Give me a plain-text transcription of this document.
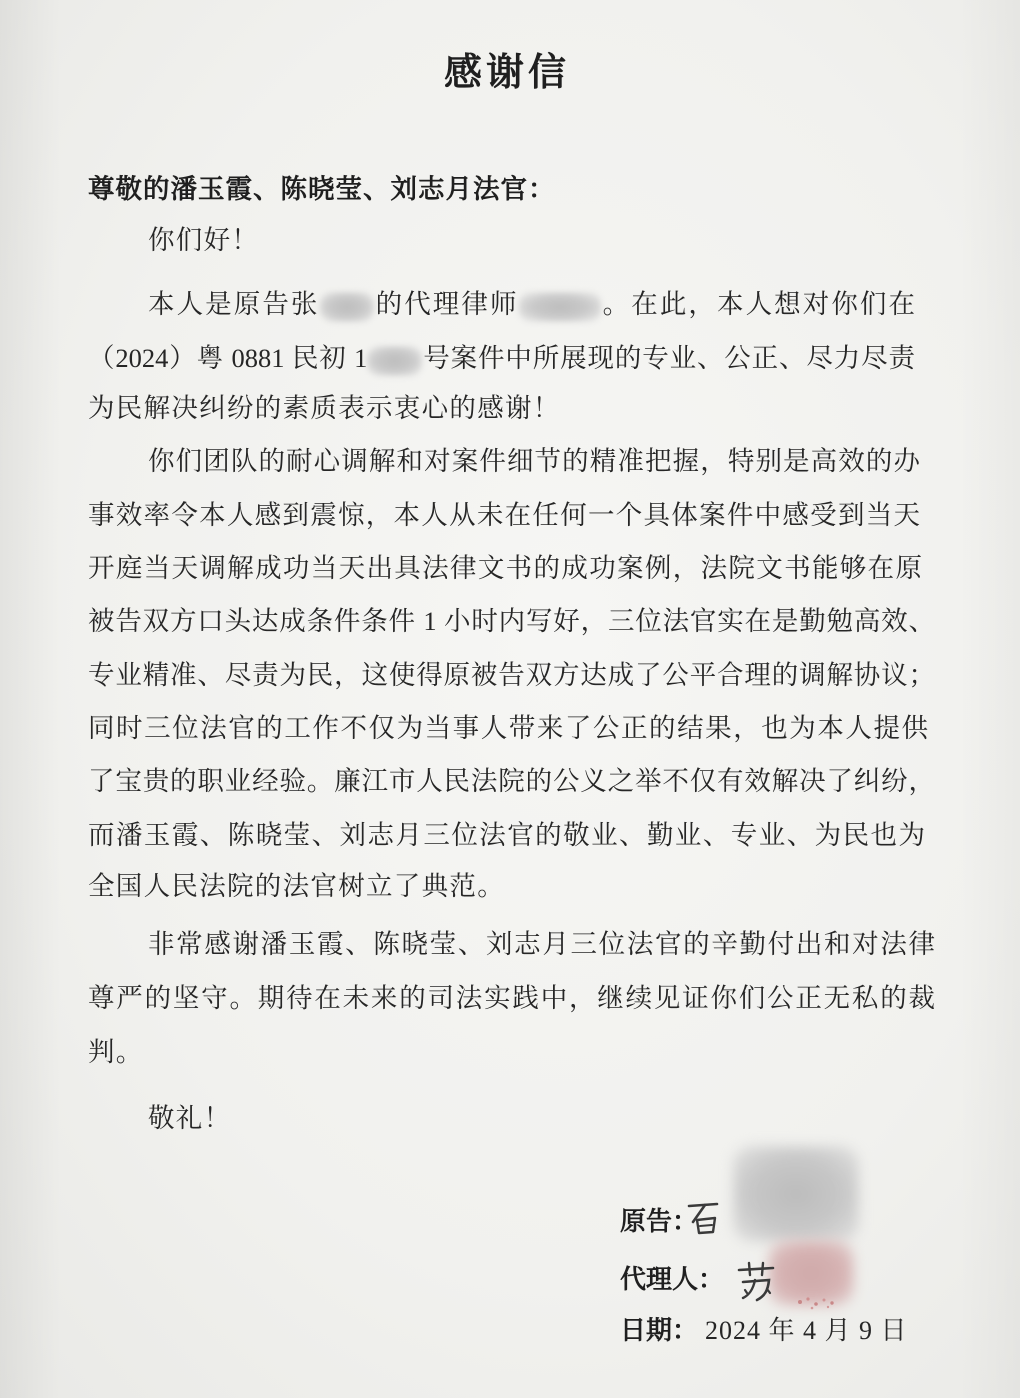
感谢信
尊敬的潘玉霞、陈晓莹、刘志月法官：
你们好！
本人是原告张 的代理律师	。在此，本人想对你们在
（2024）粤 0881 民初 1 号案件中所展现的专业、公正、尽力尽责
为民解决纠纷的素质表示衷心的感谢！
你们团队的耐心调解和对案件细节的精准把握，特别是高效的办
事效率令本人感到震惊，本人从未在任何一个具体案件中感受到当天
开庭当天调解成功当天出具法律文书的成功案例，法院文书能够在原
被告双方口头达成条件条件 1 小时内写好，三位法官实在是勤勉高效、
专业精准、尽责为民，这使得原被告双方达成了公平合理的调解协议；
同时三位法官的工作不仅为当事人带来了公正的结果，也为本人提供
了宝贵的职业经验。廉江市人民法院的公义之举不仅有效解决了纠纷，
而潘玉霞、陈晓莹、刘志月三位法官的敬业、勤业、专业、为民也为
全国人民法院的法官树立了典范。
非常感谢潘玉霞、陈晓莹、刘志月三位法官的辛勤付出和对法律
尊严的坚守。期待在未来的司法实践中，继续见证你们公正无私的裁
判。
敬礼！
原告：
代理人：
日期： 2024 年 4 月 9 日
